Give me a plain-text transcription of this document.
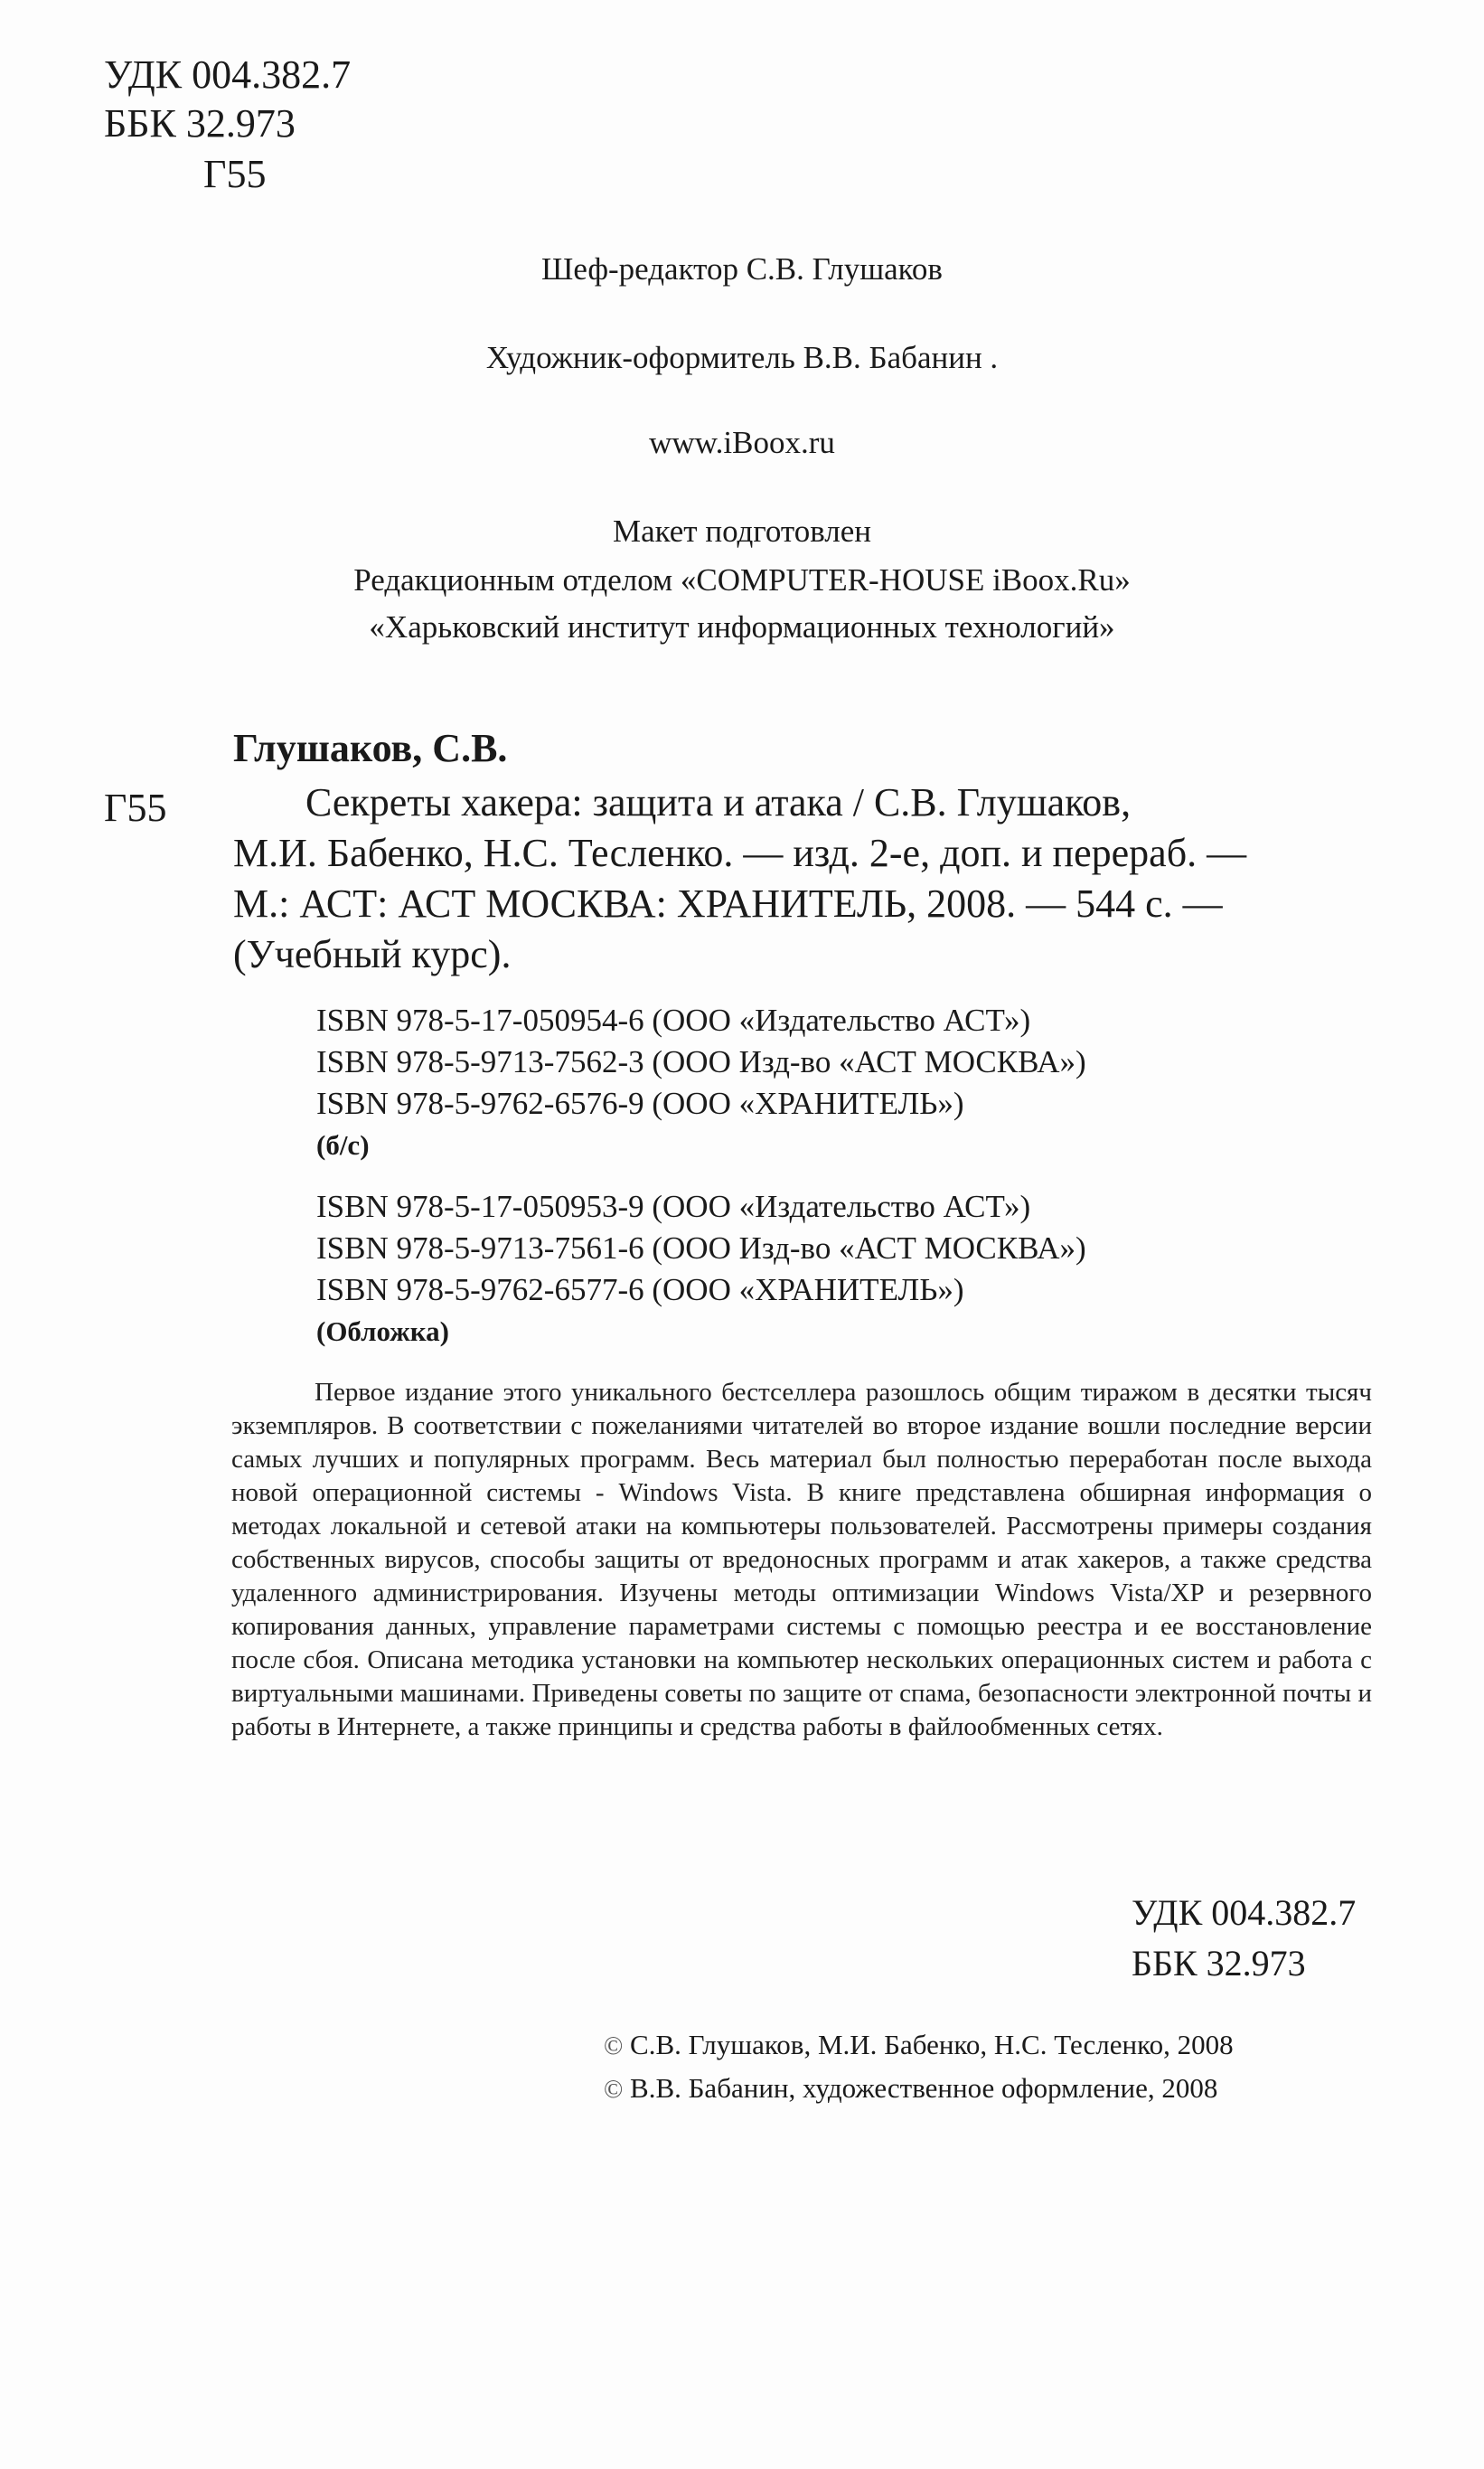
УДК 004.382.7
ББК 32.973
Г55
Шеф-редактор С.В. Глушаков
Художник-оформитель В.В. Бабанин .
www.iBoox.ru
Макет подготовлен
Редакционным отделом «COMPUTER-HOUSE iBoox.Ru»
«Харьковский институт информационных технологий»
Глушаков, С.В.
Г55	Секреты хакера: защита и атака / С.В. Глушаков,
М.И. Бабенко, Н.С. Тесленко. — изд. 2-е, доп. и перераб. —
М.: АСТ: АСТ МОСКВА: ХРАНИТЕЛЬ, 2008. — 544 с. —
(Учебный курс).
ISBN 978-5-17-050954-6 (ООО «Издательство АСТ»)
ISBN 978-5-9713-7562-3 (ООО Изд-во «АСТ МОСКВА»)
ISBN 978-5-9762-6576-9 (ООО «ХРАНИТЕЛЬ»)
(б/с)
ISBN 978-5-17-050953-9 (ООО «Издательство АСТ»)
ISBN 978-5-9713-7561-6 (ООО Изд-во «АСТ МОСКВА»)
ISBN 978-5-9762-6577-6 (ООО «ХРАНИТЕЛЬ»)
(Обложка)

Первое издание этого уникального бестселлера разошлось общим тиражом в десятки тысяч экземпляров. В соответствии с пожеланиями читателей во второе издание вошли последние версии самых лучших и популярных программ. Весь материал был полностью переработан после выхода новой операционной системы - Windows Vista. В книге представлена обширная информация о методах локальной и сетевой атаки на компьютеры пользователей. Рассмотрены примеры создания собственных вирусов, способы защиты от вредоносных программ и атак хакеров, а также средства удаленного администрирования. Изучены методы оптимизации Windows Vista/XP и резервного копирования данных, управление параметрами системы с помощью реестра и ее восстановление после сбоя. Описана методика установки на компьютер нескольких операционных систем и работа с виртуальными машинами. Приведены советы по защите от спама, безопасности электронной почты и работы в Интернете, а также принципы и средства работы в файлообменных сетях.

УДК 004.382.7
ББК 32.973
© С.В. Глушаков, М.И. Бабенко, Н.С. Тесленко, 2008
© В.В. Бабанин, художественное оформление, 2008
